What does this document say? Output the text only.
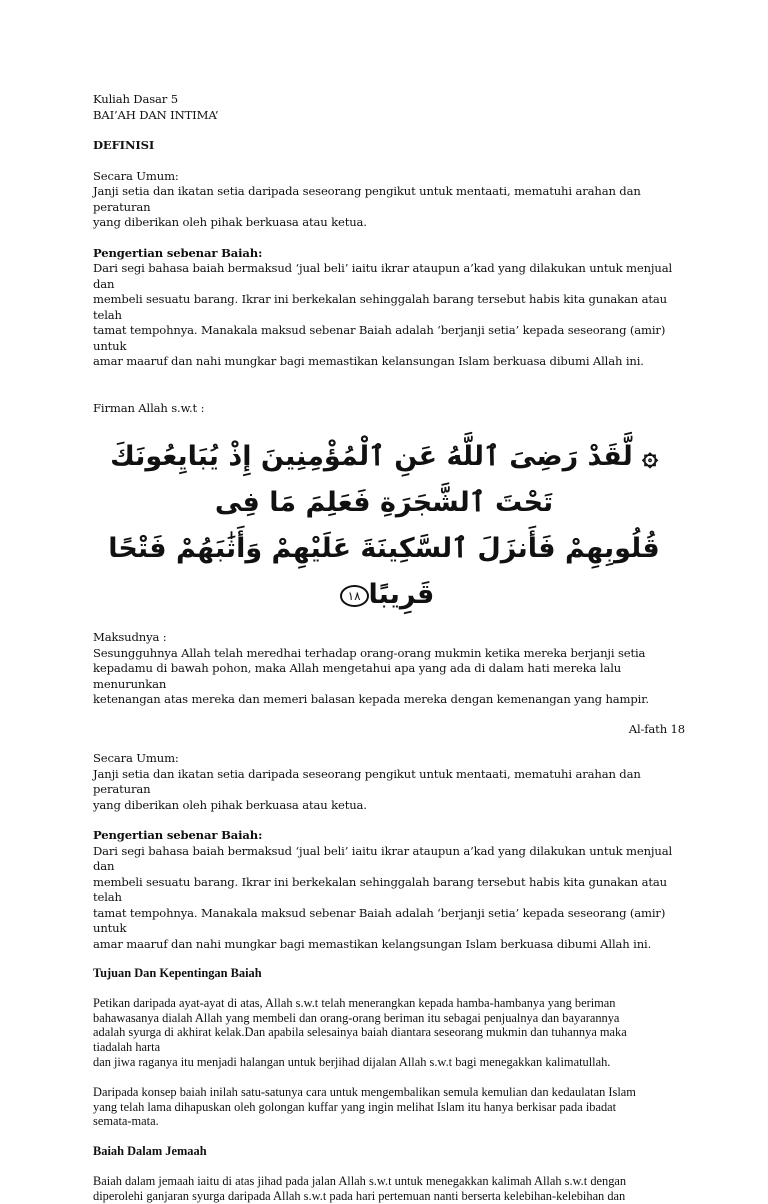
Kuliah Dasar 5
BAI’AH DAN INTIMA’
DEFINISI
Secara Umum:
Janji setia dan ikatan setia daripada seseorang pengikut untuk mentaati, mematuhi arahan dan peraturan
yang diberikan oleh pihak berkuasa atau ketua.
Pengertian sebenar Baiah:
Dari segi bahasa baiah bermaksud ‘jual beli’ iaitu ikrar ataupun a’kad yang dilakukan untuk menjual dan
membeli sesuatu barang. Ikrar ini berkekalan sehinggalah barang tersebut habis kita gunakan atau telah
tamat tempohnya. Manakala maksud sebenar Baiah adalah ‘berjanji setia’ kepada seseorang (amir) untuk
amar maaruf dan nahi mungkar bagi memastikan kelansungan Islam berkuasa dibumi Allah ini.
Firman Allah s.w.t :
۞ لَّقَدْ رَضِىَ ٱللَّهُ عَنِ ٱلْمُؤْمِنِينَ إِذْ يُبَايِعُونَكَ تَحْتَ ٱلشَّجَرَةِ فَعَلِمَ مَا فِى
قُلُوبِهِمْ فَأَنزَلَ ٱلسَّكِينَةَ عَلَيْهِمْ وَأَثَٰبَهُمْ فَتْحًا قَرِيبًا١٨
Maksudnya :
Sesungguhnya Allah telah meredhai terhadap orang-orang mukmin ketika mereka berjanji setia
kepadamu di bawah pohon, maka Allah mengetahui apa yang ada di dalam hati mereka lalu menurunkan
ketenangan atas mereka dan memeri balasan kepada mereka dengan kemenangan yang hampir.
Al-fath 18
Secara Umum:
Janji setia dan ikatan setia daripada seseorang pengikut untuk mentaati, mematuhi arahan dan peraturan
yang diberikan oleh pihak berkuasa atau ketua.
Pengertian sebenar Baiah:
Dari segi bahasa baiah bermaksud ‘jual beli’ iaitu ikrar ataupun a’kad yang dilakukan untuk menjual dan
membeli sesuatu barang. Ikrar ini berkekalan sehinggalah barang tersebut habis kita gunakan atau telah
tamat tempohnya. Manakala maksud sebenar Baiah adalah ‘berjanji setia’ kepada seseorang (amir) untuk
amar maaruf dan nahi mungkar bagi memastikan kelangsungan Islam berkuasa dibumi Allah ini.
Tujuan Dan Kepentingan Baiah
Petikan daripada ayat-ayat di atas, Allah s.w.t telah menerangkan kepada hamba-hambanya yang beriman
bahawasanya dialah Allah yang membeli dan orang-orang beriman itu sebagai penjualnya dan bayarannya
adalah syurga di akhirat kelak.Dan apabila selesainya baiah diantara seseorang mukmin dan tuhannya maka
tiadalah harta
dan jiwa raganya itu menjadi halangan untuk berjihad dijalan Allah s.w.t bagi menegakkan kalimatullah.
Daripada konsep baiah inilah satu-satunya cara untuk mengembalikan semula kemulian dan kedaulatan Islam
yang telah lama dihapuskan oleh golongan kuffar yang ingin melihat Islam itu hanya berkisar pada ibadat
semata-mata.
Baiah Dalam Jemaah
Baiah dalam jemaah iaitu di atas jihad pada jalan Allah s.w.t untuk menegakkan kalimah Allah s.w.t dengan
diperolehi ganjaran syurga daripada Allah s.w.t pada hari pertemuan nanti berserta kelebihan-kelebihan dan
